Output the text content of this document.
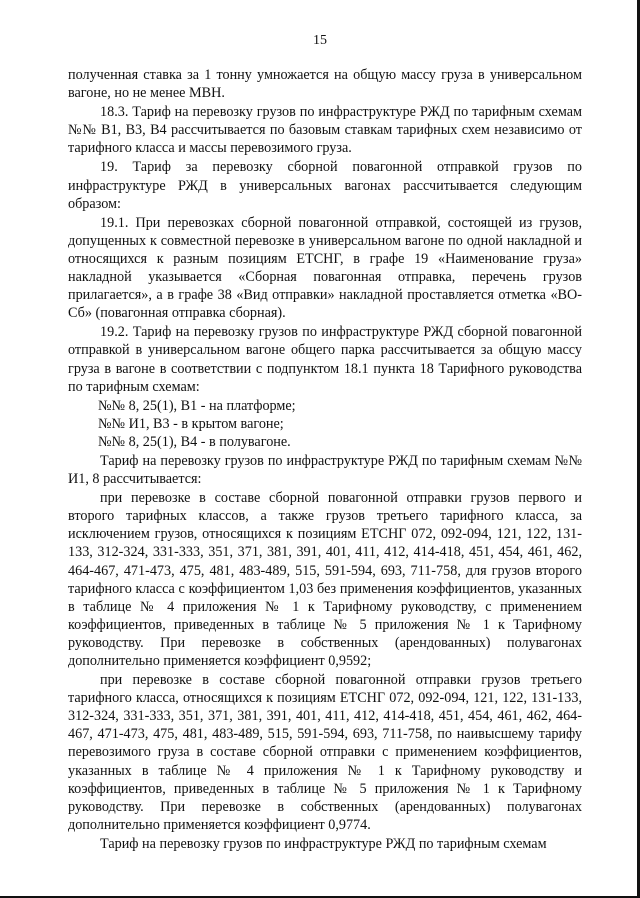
15

полученная ставка за 1 тонну умножается на общую массу груза в универсальном вагоне, но не менее МВН.

18.3. Тариф на перевозку грузов по инфраструктуре РЖД по тарифным схемам №№ В1, В3, В4 рассчитывается по базовым ставкам тарифных схем независимо от тарифного класса и массы перевозимого груза.

19. Тариф за перевозку сборной повагонной отправкой грузов по инфраструктуре РЖД в универсальных вагонах рассчитывается следующим образом:

19.1. При перевозках сборной повагонной отправкой, состоящей из грузов, допущенных к совместной перевозке в универсальном вагоне по одной накладной и относящихся к разным позициям ЕТСНГ, в графе 19 «Наименование груза» накладной указывается «Сборная повагонная отправка, перечень грузов прилагается», а в графе 38 «Вид отправки» накладной проставляется отметка «ВО-Сб» (повагонная отправка сборная).

19.2. Тариф на перевозку грузов по инфраструктуре РЖД сборной повагонной отправкой в универсальном вагоне общего парка рассчитывается за общую массу груза в вагоне в соответствии с подпунктом 18.1 пункта 18 Тарифного руководства по тарифным схемам:

№№ 8, 25(1), В1 - на платформе;
№№ И1, В3 - в крытом вагоне;
№№ 8, 25(1), В4 - в полувагоне.

Тариф на перевозку грузов по инфраструктуре РЖД по тарифным схемам №№ И1, 8 рассчитывается:

при перевозке в составе сборной повагонной отправки грузов первого и второго тарифных классов, а также грузов третьего тарифного класса, за исключением грузов, относящихся к позициям ЕТСНГ 072, 092-094, 121, 122, 131-133, 312-324, 331-333, 351, 371, 381, 391, 401, 411, 412, 414-418, 451, 454, 461, 462, 464-467, 471-473, 475, 481, 483-489, 515, 591-594, 693, 711-758, для грузов второго тарифного класса с коэффициентом 1,03 без применения коэффициентов, указанных в таблице № 4 приложения № 1 к Тарифному руководству, с применением коэффициентов, приведенных в таблице № 5 приложения № 1 к Тарифному руководству. При перевозке в собственных (арендованных) полувагонах дополнительно применяется коэффициент 0,9592;

при перевозке в составе сборной повагонной отправки грузов третьего тарифного класса, относящихся к позициям ЕТСНГ 072, 092-094, 121, 122, 131-133, 312-324, 331-333, 351, 371, 381, 391, 401, 411, 412, 414-418, 451, 454, 461, 462, 464-467, 471-473, 475, 481, 483-489, 515, 591-594, 693, 711-758, по наивысшему тарифу перевозимого груза в составе сборной отправки с применением коэффициентов, указанных в таблице № 4 приложения № 1 к Тарифному руководству и коэффициентов, приведенных в таблице № 5 приложения № 1 к Тарифному руководству. При перевозке в собственных (арендованных) полувагонах дополнительно применяется коэффициент 0,9774.

Тариф на перевозку грузов по инфраструктуре РЖД по тарифным схемам
